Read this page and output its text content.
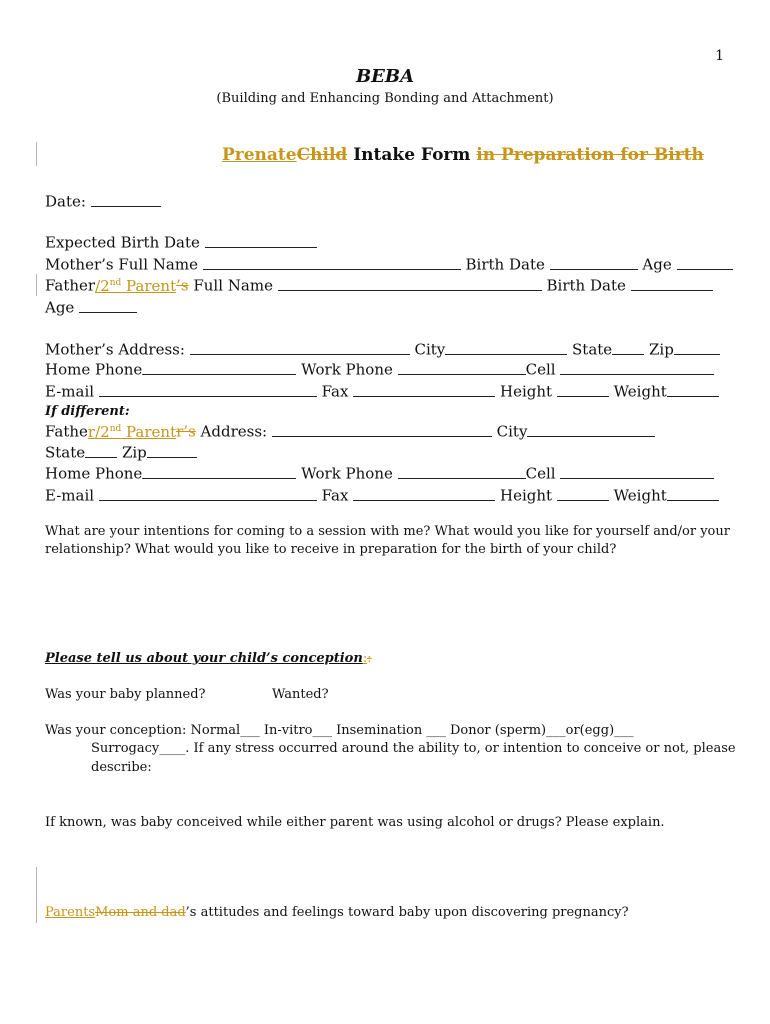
1
BEBA
(Building and Enhancing Bonding and Attachment)
PrenateChild Intake Form in Preparation for Birth
Date:
Expected Birth Date
Mother’s Full Name	Birth Date	Age
Father/2nd Parent’s Full Name	Birth Date
Age
Mother’s Address:	City	State Zip
Home Phone	Work Phone	Cell
E-mail	Fax	Height	Weight
If different:
Father/2nd Parentr’s Address:	City
State Zip
Home Phone	Work Phone	Cell
E-mail	Fax	Height	Weight
What are your intentions for coming to a session with me? What would you like for yourself and/or your
relationship? What would you like to receive in preparation for the birth of your child?
Please tell us about your child’s conception::
Was your baby planned?	Wanted?
Was your conception: Normal___ In-vitro___ Insemination ___ Donor (sperm)___or(egg)___
Surrogacy____. If any stress occurred around the ability to, or intention to conceive or not, please
describe:
If known, was baby conceived while either parent was using alcohol or drugs? Please explain.
ParentsMom and dad’s attitudes and feelings toward baby upon discovering pregnancy?
